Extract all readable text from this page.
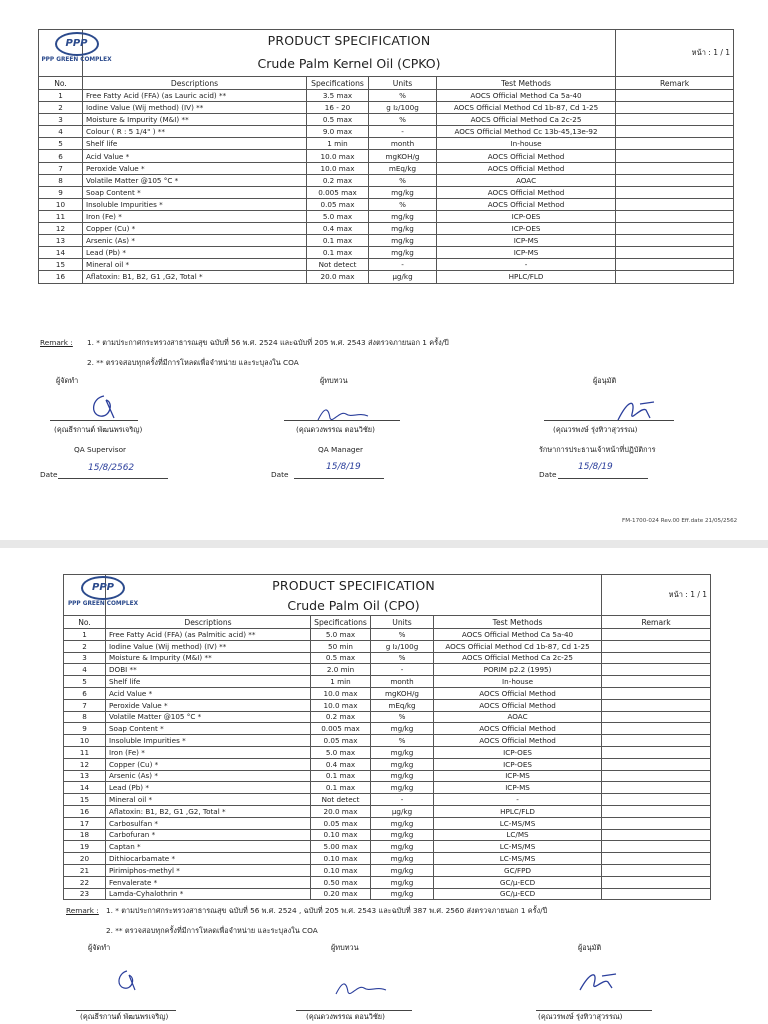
	PRODUCT SPECIFICATION				หน้า : 1 / 1
	Crude Palm Kernel Oil (CPKO)				
No.	Descriptions	Specifications	Units	Test Methods	Remark
1	Free Fatty Acid (FFA) (as Lauric acid) **	3.5 max	%	AOCS Official Method Ca 5a-40	
2	Iodine Value (Wij method) (IV) **	16 - 20	g I₂/100g	AOCS Official Method Cd 1b-87, Cd 1-25	
3	Moisture & Impurity (M&I) **	0.5 max	%	AOCS Official Method Ca 2c-25	
4	Colour ( R : 5 1/4" ) **	9.0 max	-	AOCS Official Method Cc 13b-45,13e-92	
5	Shelf life	1 min	month	In-house	
6	Acid Value *	10.0 max	mgKOH/g	AOCS Official Method	
7	Peroxide Value *	10.0 max	mEq/kg	AOCS Official Method	
8	Volatile Matter @105 °C *	0.2 max	%	AOAC	
9	Soap Content *	0.005 max	mg/kg	AOCS Official Method	
10	Insoluble Impurities *	0.05 max	%	AOCS Official Method	
11	Iron (Fe) *	5.0 max	mg/kg	ICP-OES	
12	Copper (Cu) *	0.4 max	mg/kg	ICP-OES	
13	Arsenic (As) *	0.1 max	mg/kg	ICP-MS	
14	Lead (Pb) *	0.1 max	mg/kg	ICP-MS	
15	Mineral oil *	Not detect	-	-	
16	Aflatoxin: B1, B2, G1 ,G2, Total *	20.0 max	µg/kg	HPLC/FLD	
PPP
PPP GREEN COMPLEX
Remark : 1. * ตามประกาศกระทรวงสาธารณสุข ฉบับที่ 56 พ.ศ. 2524 และฉบับที่ 205 พ.ศ. 2543 ส่งตรวจภายนอก 1 ครั้ง/ปี
2. ** ตรวจสอบทุกครั้งที่มีการโหลดเพื่อจำหน่าย และระบุลงใน COA
ผู้จัดทำ	ผู้ทบทวน	ผู้อนุมัติ
(คุณธีรกานต์ พัฒนพรเจริญ)	(คุณดวงพรรณ ตอนวิชัย)	(คุณวรพงษ์ รุ่งทิวาสุวรรณ)
QA Supervisor	QA Manager	รักษาการประธานเจ้าหน้าที่ปฏิบัติการ
Date	Date	Date
15/8/2562	15/8/19	15/8/19
FM-1700-024 Rev.00 Eff.date 21/05/2562
	PRODUCT SPECIFICATION				หน้า : 1 / 1
	Crude Palm Oil (CPO)				
No.	Descriptions	Specifications	Units	Test Methods	Remark
1	Free Fatty Acid (FFA) (as Palmitic acid) **	5.0 max	%	AOCS Official Method Ca 5a-40	
2	Iodine Value (Wij method) (IV) **	50 min	g I₂/100g	AOCS Official Method Cd 1b-87, Cd 1-25	
3	Moisture & Impurity (M&I) **	0.5 max	%	AOCS Official Method Ca 2c-25	
4	DOBI **	2.0 min	-	PORIM p2.2 (1995)	
5	Shelf life	1 min	month	In-house	
6	Acid Value *	10.0 max	mgKOH/g	AOCS Official Method	
7	Peroxide Value *	10.0 max	mEq/kg	AOCS Official Method	
8	Volatile Matter @105 °C *	0.2 max	%	AOAC	
9	Soap Content *	0.005 max	mg/kg	AOCS Official Method	
10	Insoluble Impurities *	0.05 max	%	AOCS Official Method	
11	Iron (Fe) *	5.0 max	mg/kg	ICP-OES	
12	Copper (Cu) *	0.4 max	mg/kg	ICP-OES	
13	Arsenic (As) *	0.1 max	mg/kg	ICP-MS	
14	Lead (Pb) *	0.1 max	mg/kg	ICP-MS	
15	Mineral oil *	Not detect	-	-	
16	Aflatoxin: B1, B2, G1 ,G2, Total *	20.0 max	µg/kg	HPLC/FLD	
17	Carbosulfan *	0.05 max	mg/kg	LC-MS/MS	
18	Carbofuran *	0.10 max	mg/kg	LC/MS	
19	Captan *	5.00 max	mg/kg	LC-MS/MS	
20	Dithiocarbamate *	0.10 max	mg/kg	LC-MS/MS	
21	Pirimiphos-methyl *	0.10 max	mg/kg	GC/FPD	
22	Fenvalerate *	0.50 max	mg/kg	GC/µ-ECD	
23	Lamda-Cyhalothrin *	0.20 max	mg/kg	GC/µ-ECD	
PPP
PPP GREEN COMPLEX
Remark : 1. * ตามประกาศกระทรวงสาธารณสุข ฉบับที่ 56 พ.ศ. 2524 , ฉบับที่ 205 พ.ศ. 2543 และฉบับที่ 387 พ.ศ. 2560 ส่งตรวจภายนอก 1 ครั้ง/ปี
2. ** ตรวจสอบทุกครั้งที่มีการโหลดเพื่อจำหน่าย และระบุลงใน COA
ผู้จัดทำ	ผู้ทบทวน	ผู้อนุมัติ
(คุณธีรกานต์ พัฒนพรเจริญ)	(คุณดวงพรรณ ตอนวิชัย)	(คุณวรพงษ์ รุ่งทิวาสุวรรณ)
